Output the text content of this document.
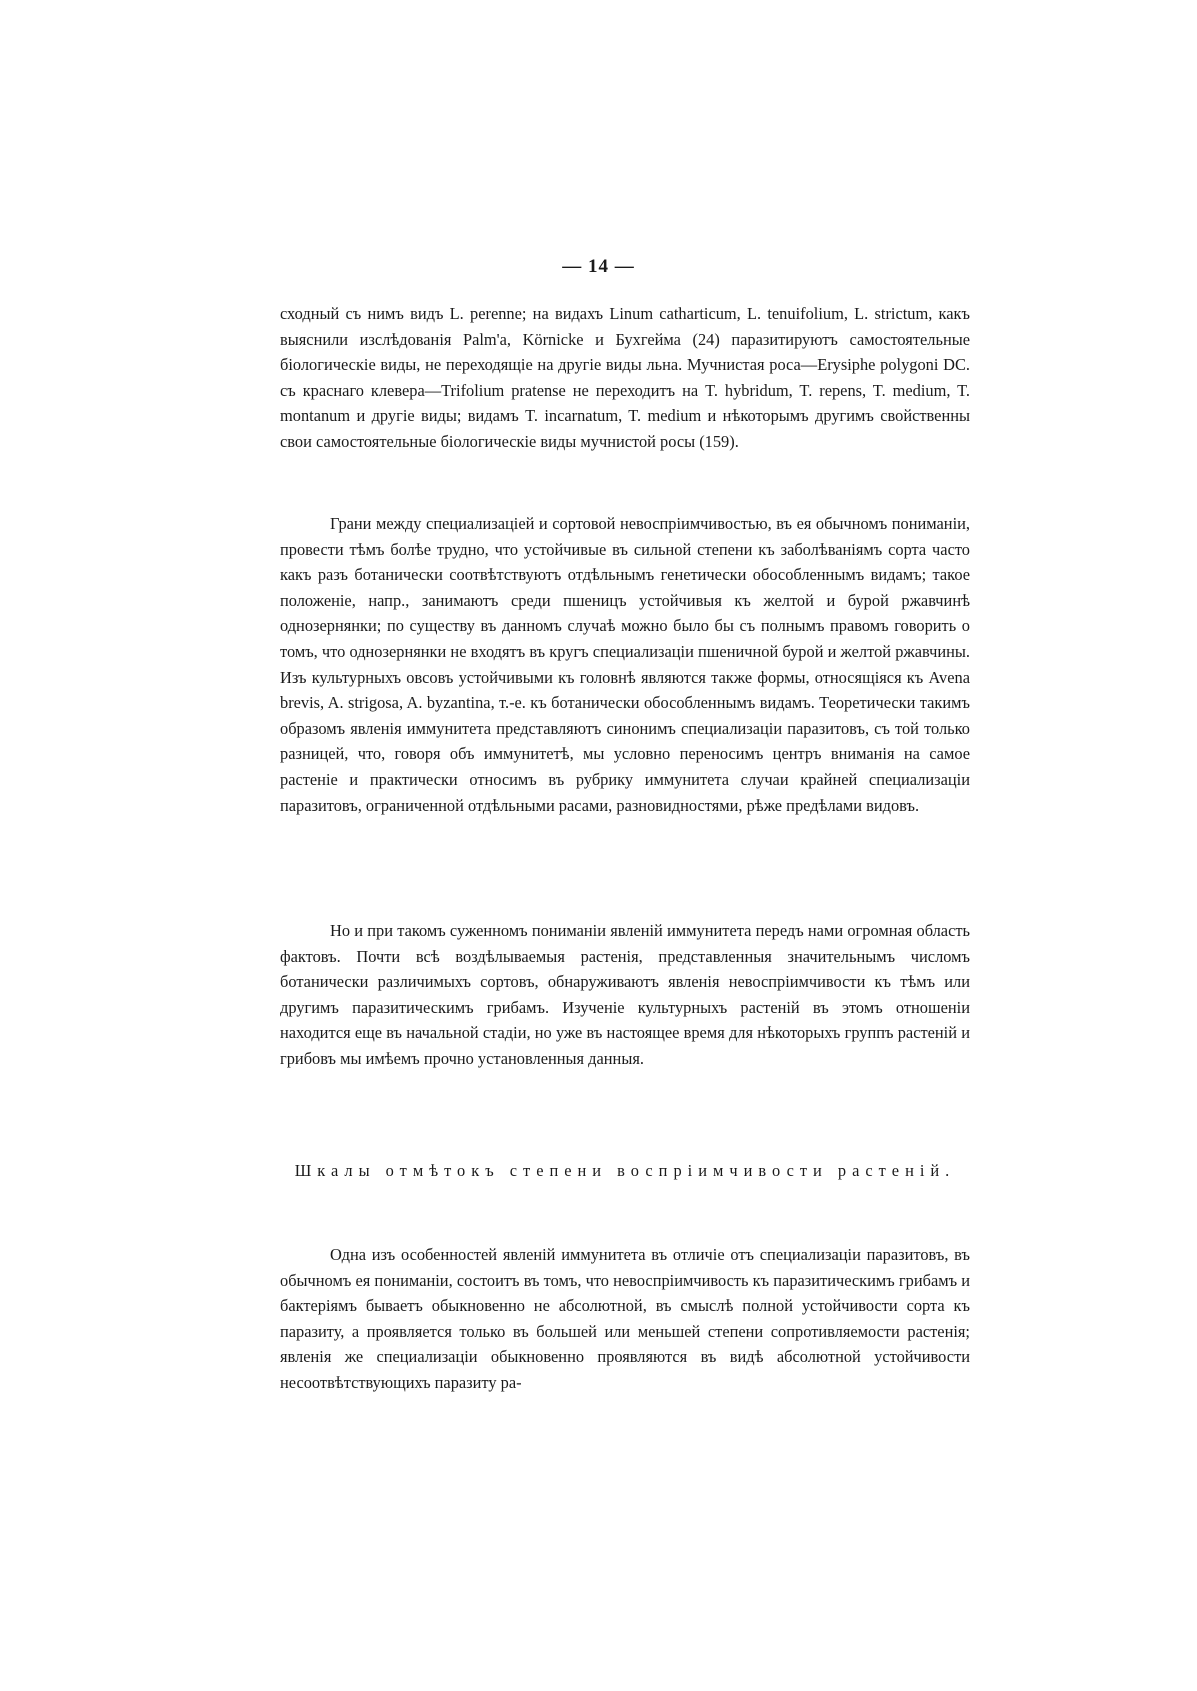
— 14 —

сходный съ нимъ видъ L. perenne; на видахъ Linum catharticum, L. tenuifolium, L. strictum, какъ выяснили изслѣдованія Palm'a, Körnicke и Бухгейма (24) паразитируютъ самостоятельные біологическіе виды, не переходящіе на другіе виды льна. Мучнистая роса—Erysiphe polygoni DC. съ краснаго клевера—Trifolium pratense не переходитъ на T. hybridum, T. repens, T. medium, T. montanum и другіе виды; видамъ T. incarnatum, T. medium и нѣкоторымъ другимъ свойственны свои самостоятельные біологическіе виды мучнистой росы (159).

Грани между специализацiей и сортовой невоспрiимчивостью, въ ея обычномъ пониманiи, провести тѣмъ болѣе трудно, что устойчивые въ сильной степени къ заболѣванiямъ сорта часто какъ разъ ботанически соотвѣтствуютъ отдѣльнымъ генетически обособленнымъ видамъ; такое положенiе, напр., занимаютъ среди пшеницъ устойчивыя къ желтой и бурой ржавчинѣ однозернянки; по существу въ данномъ случаѣ можно было бы съ полнымъ правомъ говорить о томъ, что однозернянки не входятъ въ кругъ специализацiи пшеничной бурой и желтой ржавчины. Изъ культурныхъ овсовъ устойчивыми къ головнѣ являются также формы, относящiяся къ Avena brevis, A. strigosa, A. byzantina, т.-е. къ ботанически обособленнымъ видамъ. Теоретически такимъ образомъ явленiя иммунитета представляютъ синонимъ специализацiи паразитовъ, съ той только разницей, что, говоря объ иммунитетѣ, мы условно переносимъ центръ вниманiя на самое растенiе и практически относимъ въ рубрику иммунитета случаи крайней специализацiи паразитовъ, ограниченной отдѣльными расами, разновидностями, рѣже предѣлами видовъ.

Но и при такомъ суженномъ пониманiи явленiй иммунитета передъ нами огромная область фактовъ. Почти всѣ воздѣлываемыя растенiя, представленныя значительнымъ числомъ ботанически различимыхъ сортовъ, обнаруживаютъ явленiя невоспрiимчивости къ тѣмъ или другимъ паразитическимъ грибамъ. Изученiе культурныхъ растенiй въ этомъ отношенiи находится еще въ начальной стадiи, но уже въ настоящее время для нѣкоторыхъ группъ растенiй и грибовъ мы имѣемъ прочно установленныя данныя.

Шкалы отмѣтокъ степени воспрiимчивости растенiй.

Одна изъ особенностей явленiй иммунитета въ отличiе отъ специализацiи паразитовъ, въ обычномъ ея пониманiи, состоитъ въ томъ, что невоспрiимчивость къ паразитическимъ грибамъ и бактерiямъ бываетъ обыкновенно не абсолютной, въ смыслѣ полной устойчивости сорта къ паразиту, а проявляется только въ большей или меньшей степени сопротивляемости растенiя; явленiя же специализацiи обыкновенно проявляются въ видѣ абсолютной устойчивости несоотвѣтствующихъ паразиту ра-
